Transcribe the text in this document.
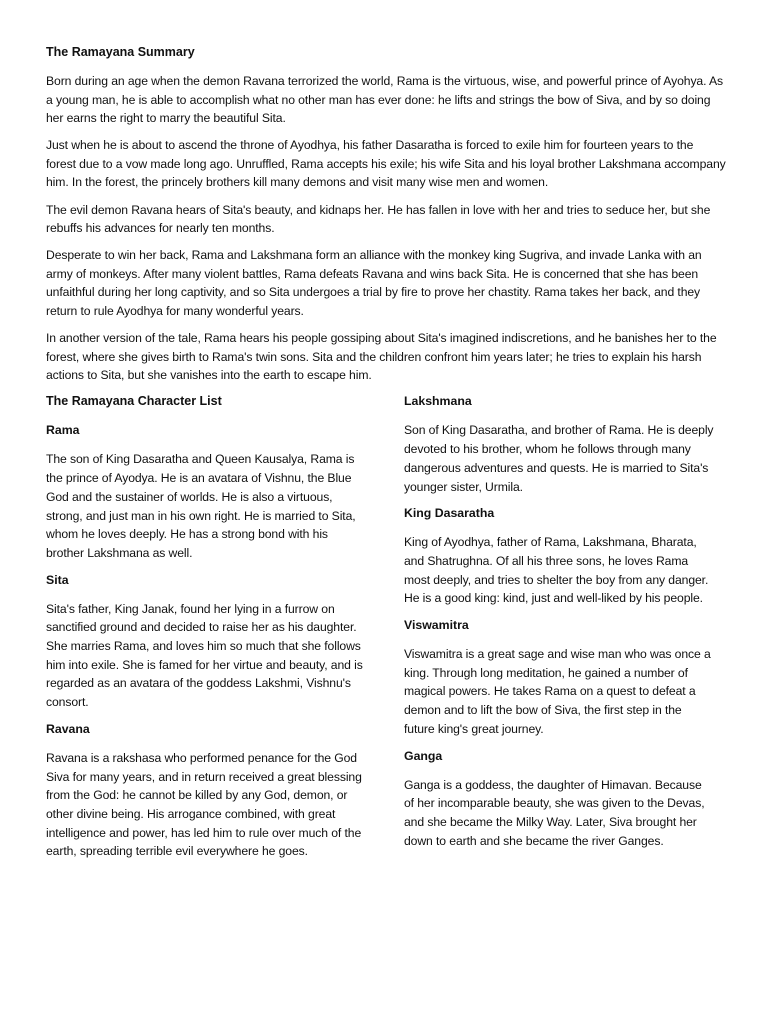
The Ramayana Summary

Born during an age when the demon Ravana terrorized the world, Rama is the virtuous, wise, and powerful prince of Ayohya. As a young man, he is able to accomplish what no other man has ever done: he lifts and strings the bow of Siva, and by so doing her earns the right to marry the beautiful Sita.

Just when he is about to ascend the throne of Ayodhya, his father Dasaratha is forced to exile him for fourteen years to the forest due to a vow made long ago. Unruffled, Rama accepts his exile; his wife Sita and his loyal brother Lakshmana accompany him. In the forest, the princely brothers kill many demons and visit many wise men and women.

The evil demon Ravana hears of Sita's beauty, and kidnaps her. He has fallen in love with her and tries to seduce her, but she rebuffs his advances for nearly ten months.

Desperate to win her back, Rama and Lakshmana form an alliance with the monkey king Sugriva, and invade Lanka with an army of monkeys. After many violent battles, Rama defeats Ravana and wins back Sita. He is concerned that she has been unfaithful during her long captivity, and so Sita undergoes a trial by fire to prove her chastity. Rama takes her back, and they return to rule Ayodhya for many wonderful years.

In another version of the tale, Rama hears his people gossiping about Sita's imagined indiscretions, and he banishes her to the forest, where she gives birth to Rama's twin sons. Sita and the children confront him years later; he tries to explain his harsh actions to Sita, but she vanishes into the earth to escape him.

The Ramayana Character List
Rama

The son of King Dasaratha and Queen Kausalya, Rama is the prince of Ayodya. He is an avatara of Vishnu, the Blue God and the sustainer of worlds. He is also a virtuous, strong, and just man in his own right. He is married to Sita, whom he loves deeply. He has a strong bond with his brother Lakshmana as well.

Sita

Sita's father, King Janak, found her lying in a furrow on sanctified ground and decided to raise her as his daughter. She marries Rama, and loves him so much that she follows him into exile. She is famed for her virtue and beauty, and is regarded as an avatara of the goddess Lakshmi, Vishnu's consort.

Ravana

Ravana is a rakshasa who performed penance for the God Siva for many years, and in return received a great blessing from the God: he cannot be killed by any God, demon, or other divine being. His arrogance combined, with great intelligence and power, has led him to rule over much of the earth, spreading terrible evil everywhere he goes.

Lakshmana

Son of King Dasaratha, and brother of Rama. He is deeply devoted to his brother, whom he follows through many dangerous adventures and quests. He is married to Sita's younger sister, Urmila.

King Dasaratha

King of Ayodhya, father of Rama, Lakshmana, Bharata, and Shatrughna. Of all his three sons, he loves Rama most deeply, and tries to shelter the boy from any danger. He is a good king: kind, just and well-liked by his people.

Viswamitra

Viswamitra is a great sage and wise man who was once a king. Through long meditation, he gained a number of magical powers. He takes Rama on a quest to defeat a demon and to lift the bow of Siva, the first step in the future king's great journey.

Ganga

Ganga is a goddess, the daughter of Himavan. Because of her incomparable beauty, she was given to the Devas, and she became the Milky Way. Later, Siva brought her down to earth and she became the river Ganges.
